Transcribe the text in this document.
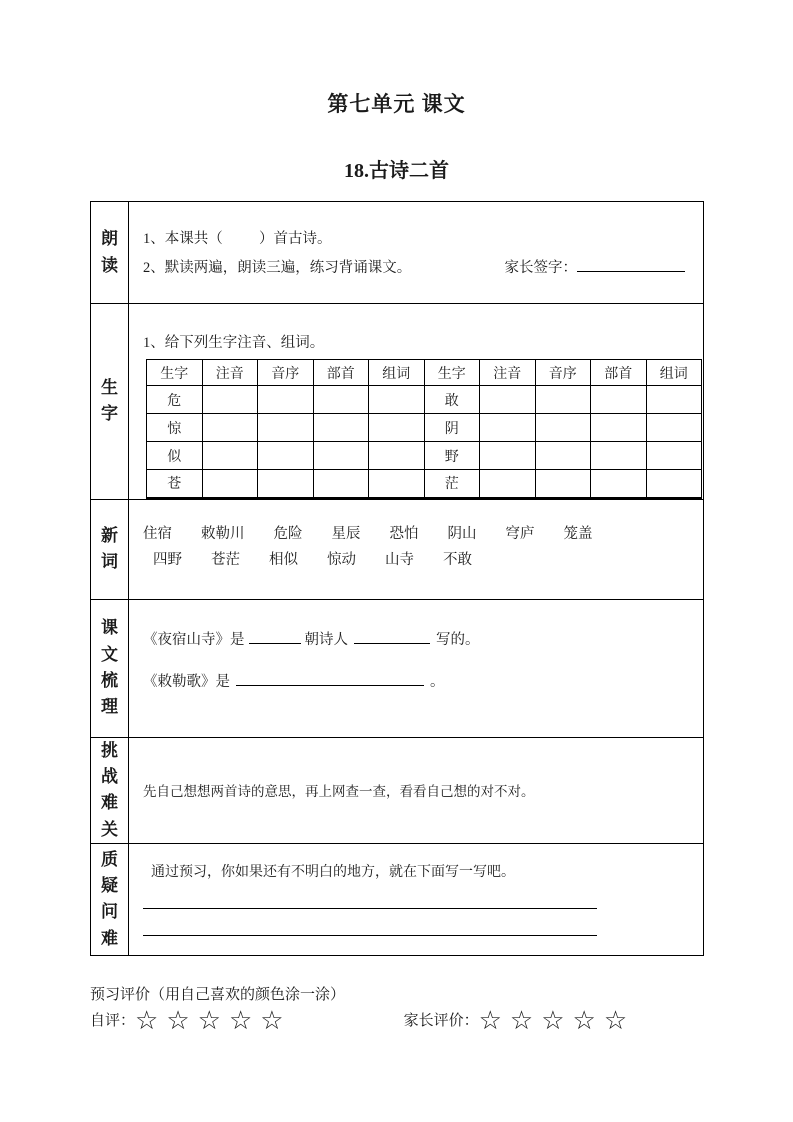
第七单元 课文
18.古诗二首
朗读
1、本课共（          ）首古诗。
2、默读两遍，朗读三遍，练习背诵课文。	家长签字：
生字
1、给下列生字注音、组词。
生字	注音	音序	部首	组词	生字	注音	音序	部首	组词
危					敢				
惊					阴				
似					野				
苍					茫				
新词
住宿　　敕勒川　　危险　　星辰　　恐怕　　阴山　　穹庐　　笼盖
四野　　苍茫　　相似　　惊动　　山寺　　不敢
课文梳理
《夜宿山寺》是	朝诗人	写的。
《敕勒歌》是	。
挑战难关
先自己想想两首诗的意思，再上网查一查，看看自己想的对不对。
质疑问难
通过预习，你如果还有不明白的地方，就在下面写一写吧。
预习评价（用自己喜欢的颜色涂一涂）
自评： ☆☆☆☆☆	家长评价： ☆☆☆☆☆
